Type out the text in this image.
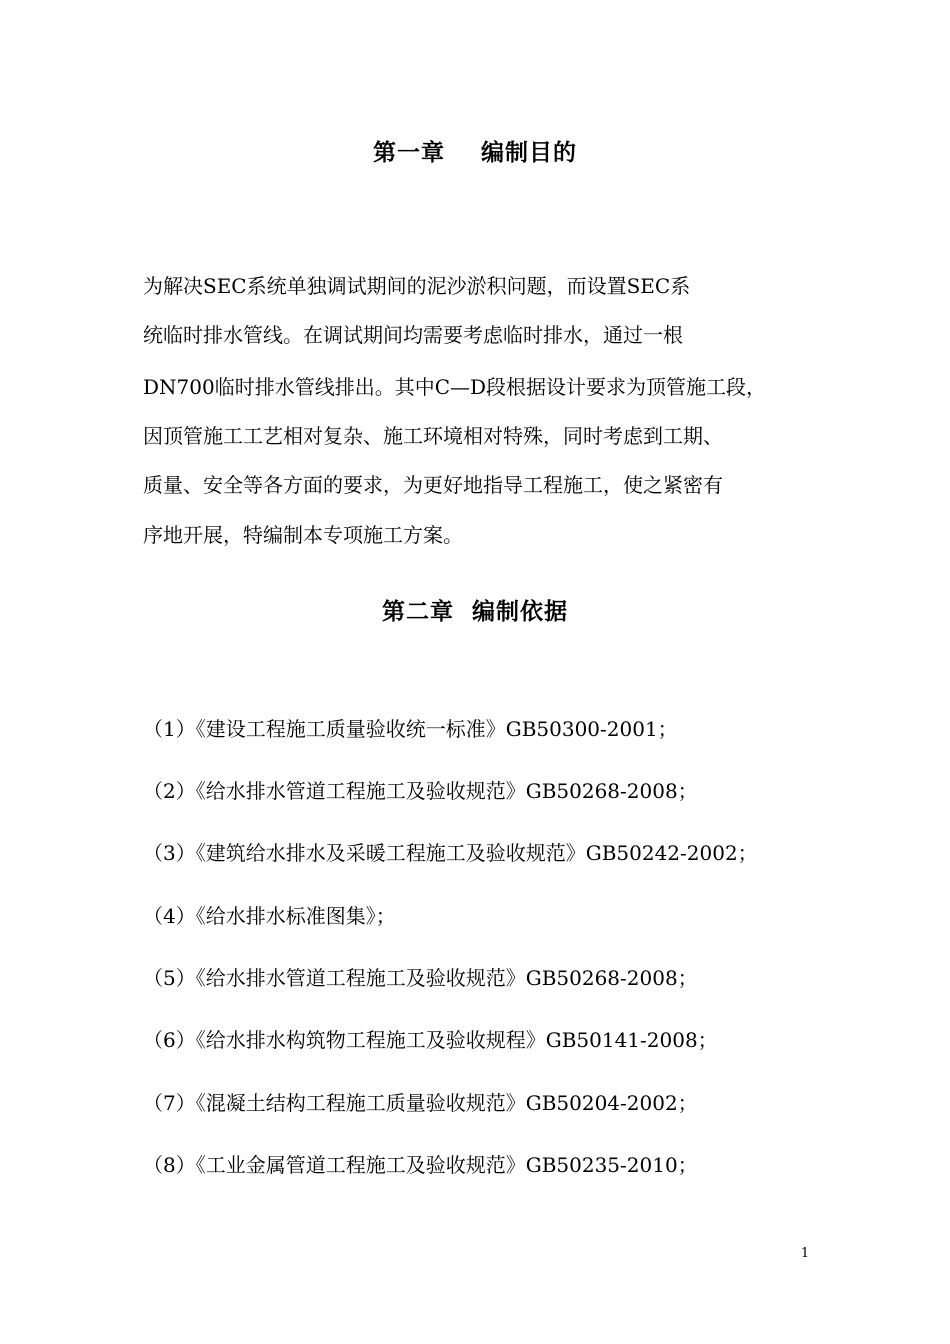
第一章    编制目的
为解决SEC系统单独调试期间的泥沙淤积问题，而设置SEC系
统临时排水管线。在调试期间均需要考虑临时排水，通过一根
DN700临时排水管线排出。其中C—D段根据设计要求为顶管施工段，
因顶管施工工艺相对复杂、施工环境相对特殊，同时考虑到工期、
质量、安全等各方面的要求，为更好地指导工程施工，使之紧密有
序地开展，特编制本专项施工方案。
第二章  编制依据
（1）《建设工程施工质量验收统一标准》GB50300-2001；
（2）《给水排水管道工程施工及验收规范》GB50268-2008；
（3）《建筑给水排水及采暖工程施工及验收规范》GB50242-2002；
（4）《给水排水标准图集》；
（5）《给水排水管道工程施工及验收规范》GB50268-2008；
（6）《给水排水构筑物工程施工及验收规程》GB50141-2008；
（7）《混凝土结构工程施工质量验收规范》GB50204-2002；
（8）《工业金属管道工程施工及验收规范》GB50235-2010；
1
